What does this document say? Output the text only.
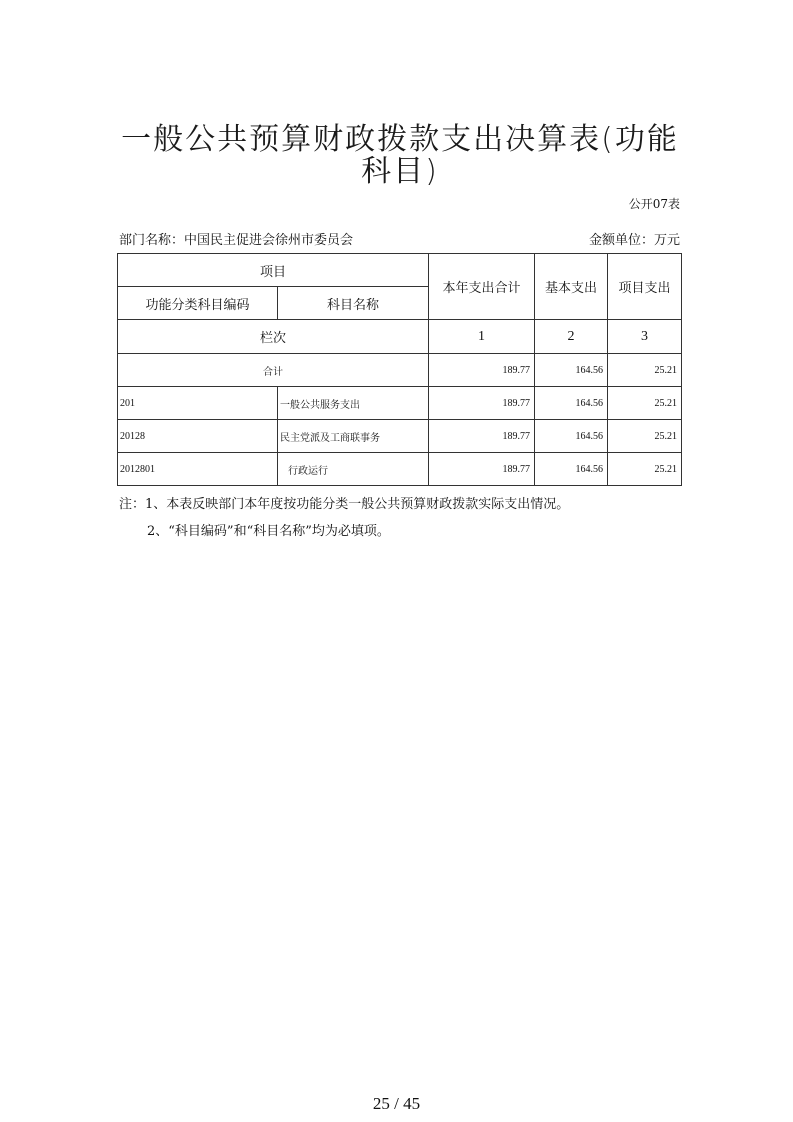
一般公共预算财政拨款支出决算表(功能科目)
公开07表
部门名称：中国民主促进会徐州市委员会	金额单位：万元
项目		本年支出合计	基本支出	项目支出
功能分类科目编码	科目名称			
栏次		1	2	3
合计		189.77	164.56	25.21
201	一般公共服务支出	189.77	164.56	25.21
20128	民主党派及工商联事务	189.77	164.56	25.21
2012801	行政运行	189.77	164.56	25.21
注：1、本表反映部门本年度按功能分类一般公共预算财政拨款实际支出情况。
2、“科目编码”和“科目名称”均为必填项。
25 / 45
